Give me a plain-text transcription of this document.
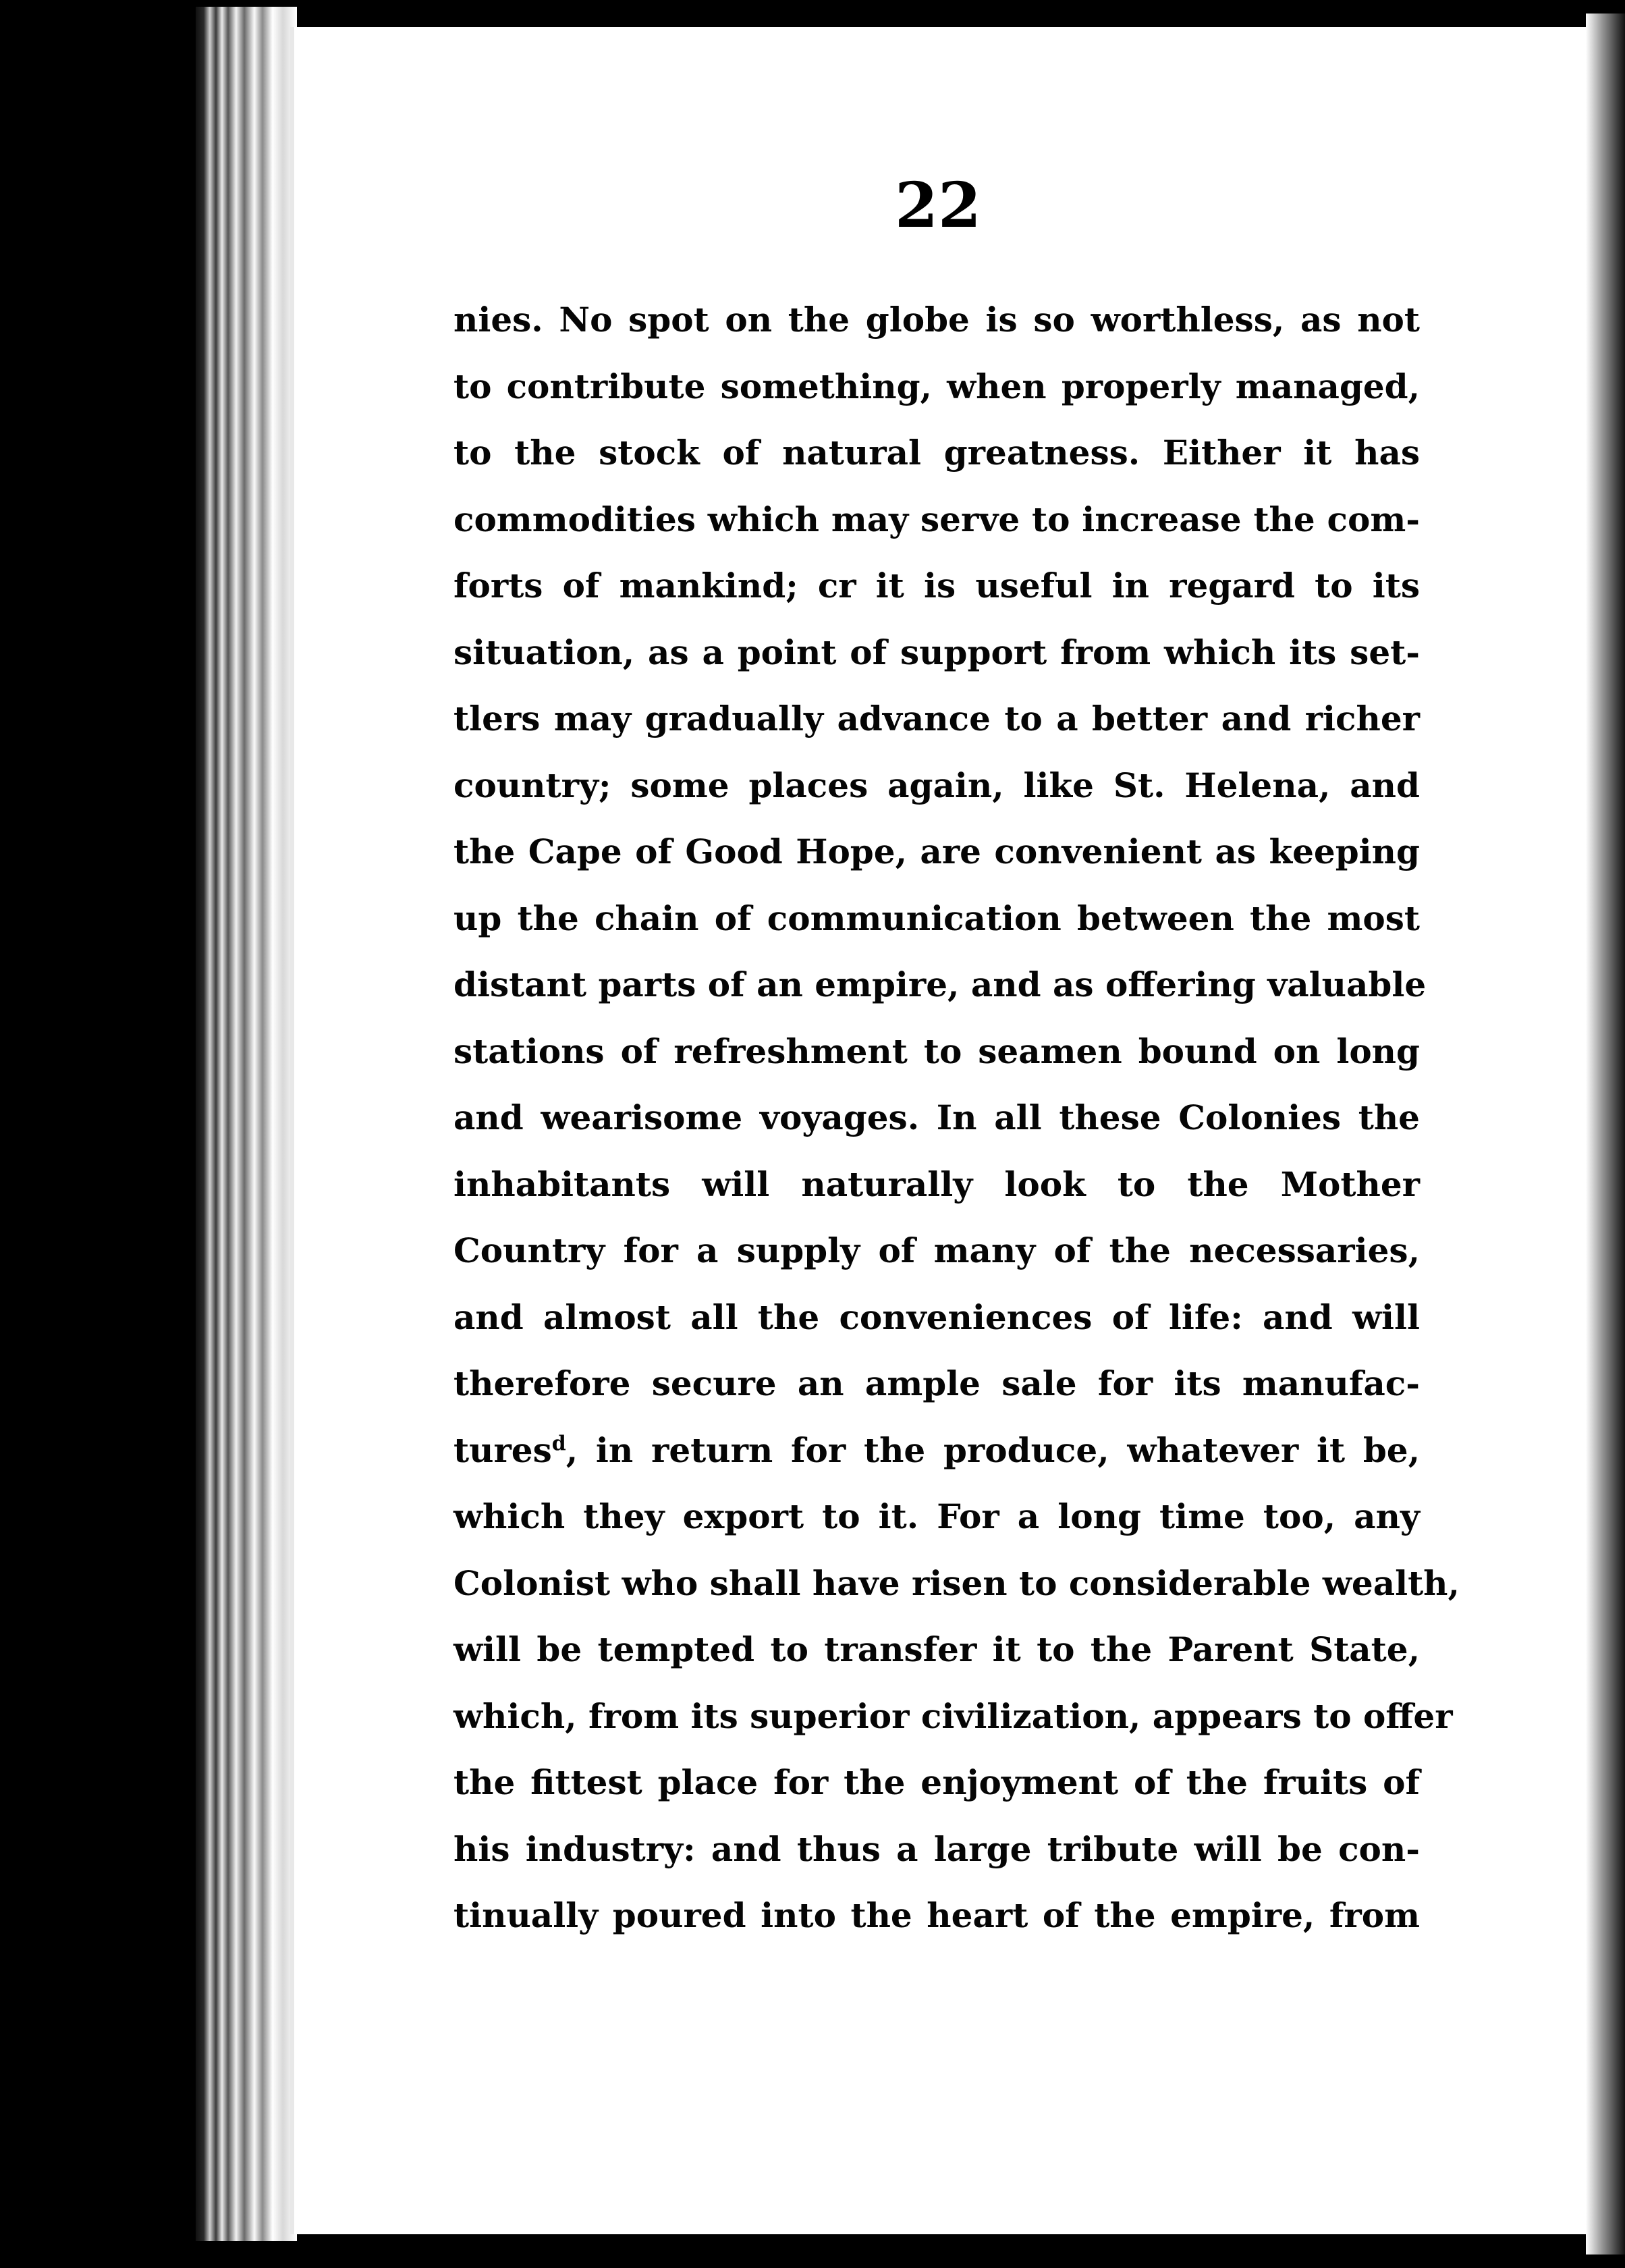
22
nies. No spot on the globe is so worthless, as not
to contribute something, when properly managed,
to the stock of natural greatness. Either it has
commodities which may serve to increase the com-
forts of mankind; cr it is useful in regard to its
situation, as a point of support from which its set-
tlers may gradually advance to a better and richer
country; some places again, like St. Helena, and
the Cape of Good Hope, are convenient as keeping
up the chain of communication between the most
distant parts of an empire, and as offering valuable
stations of refreshment to seamen bound on long
and wearisome voyages. In all these Colonies the
inhabitants will naturally look to the Mother
Country for a supply of many of the necessaries,
and almost all the conveniences of life: and will
therefore secure an ample sale for its manufac-
tures$^d$, in return for the produce, whatever it be,
which they export to it. For a long time too, any
Colonist who shall have risen to considerable wealth,
will be tempted to transfer it to the Parent State,
which, from its superior civilization, appears to offer
the fittest place for the enjoyment of the fruits of
his industry: and thus a large tribute will be con-
tinually poured into the heart of the empire, from
